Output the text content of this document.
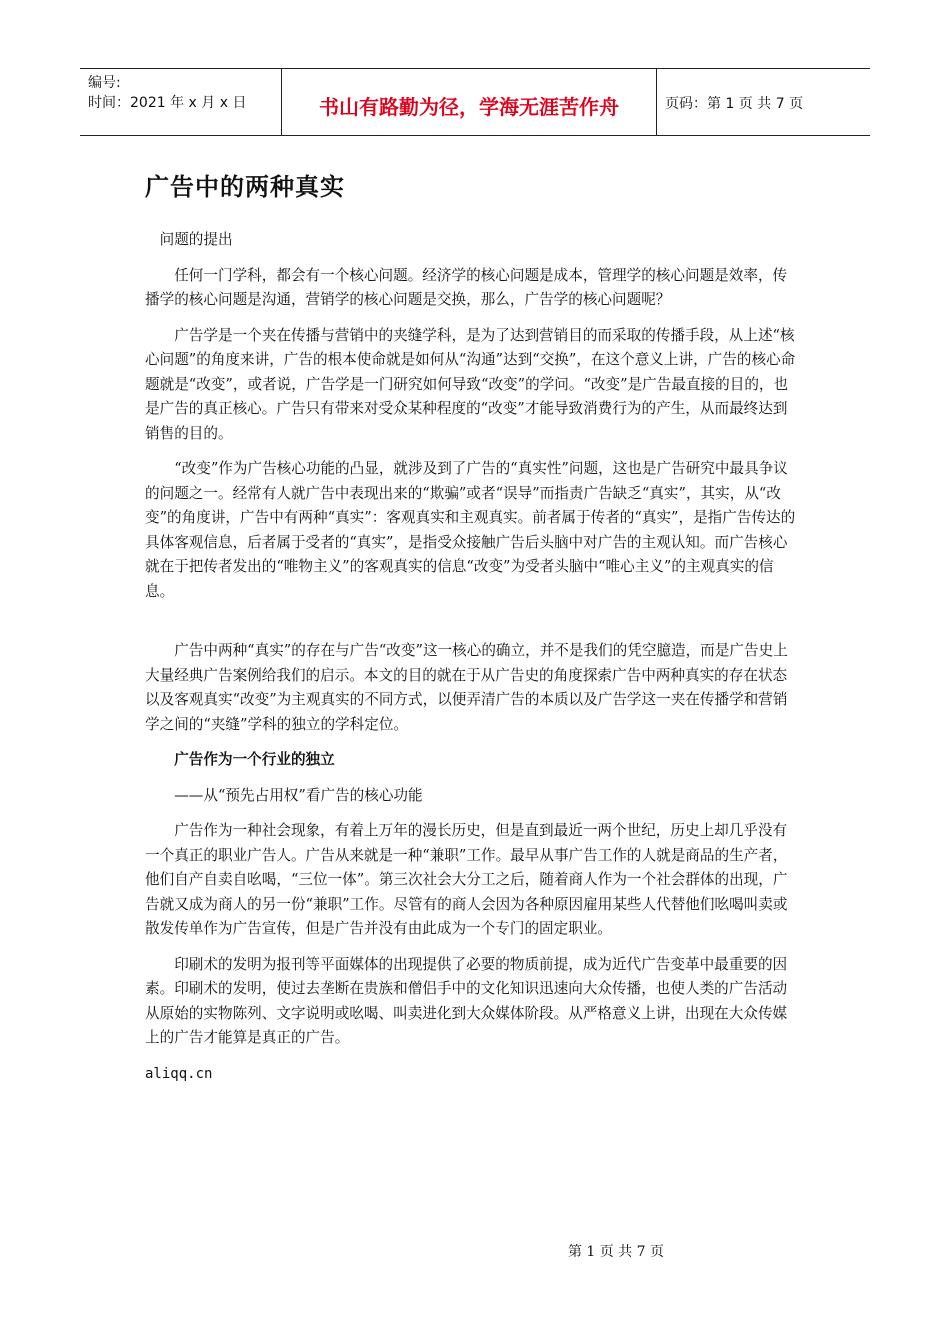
编号:
时间：2021 年 x 月 x 日	书山有路勤为径，学海无涯苦作舟	页码：第 1 页 共 7 页
广告中的两种真实

问题的提出

任何一门学科，都会有一个核心问题。经济学的核心问题是成本，管理学的核心问题是效率，传播学的核心问题是沟通，营销学的核心问题是交换，那么，广告学的核心问题呢？

广告学是一个夹在传播与营销中的夹缝学科，是为了达到营销目的而采取的传播手段，从上述“核心问题”的角度来讲，广告的根本使命就是如何从“沟通”达到“交换”，在这个意义上讲，广告的核心命题就是“改变”，或者说，广告学是一门研究如何导致“改变”的学问。“改变”是广告最直接的目的，也是广告的真正核心。广告只有带来对受众某种程度的“改变”才能导致消费行为的产生，从而最终达到销售的目的。

“改变”作为广告核心功能的凸显，就涉及到了广告的“真实性”问题，这也是广告研究中最具争议的问题之一。经常有人就广告中表现出来的“欺骗”或者“误导”而指责广告缺乏“真实”，其实，从“改变”的角度讲，广告中有两种“真实”：客观真实和主观真实。前者属于传者的“真实”，是指广告传达的具体客观信息，后者属于受者的“真实”，是指受众接触广告后头脑中对广告的主观认知。而广告核心就在于把传者发出的“唯物主义”的客观真实的信息“改变”为受者头脑中“唯心主义”的主观真实的信息。

广告中两种“真实”的存在与广告“改变”这一核心的确立，并不是我们的凭空臆造，而是广告史上大量经典广告案例给我们的启示。本文的目的就在于从广告史的角度探索广告中两种真实的存在状态以及客观真实“改变”为主观真实的不同方式，以便弄清广告的本质以及广告学这一夹在传播学和营销学之间的“夹缝”学科的独立的学科定位。

广告作为一个行业的独立

——从“预先占用权”看广告的核心功能

广告作为一种社会现象，有着上万年的漫长历史，但是直到最近一两个世纪，历史上却几乎没有一个真正的职业广告人。广告从来就是一种“兼职”工作。最早从事广告工作的人就是商品的生产者，他们自产自卖自吆喝，“三位一体”。第三次社会大分工之后，随着商人作为一个社会群体的出现，广告就又成为商人的另一份“兼职”工作。尽管有的商人会因为各种原因雇用某些人代替他们吆喝叫卖或散发传单作为广告宣传，但是广告并没有由此成为一个专门的固定职业。

印刷术的发明为报刊等平面媒体的出现提供了必要的物质前提，成为近代广告变革中最重要的因素。印刷术的发明，使过去垄断在贵族和僧侣手中的文化知识迅速向大众传播，也使人类的广告活动从原始的实物陈列、文字说明或吆喝、叫卖进化到大众媒体阶段。从严格意义上讲，出现在大众传媒上的广告才能算是真正的广告。

aliqq.cn

第 1 页 共 7 页
